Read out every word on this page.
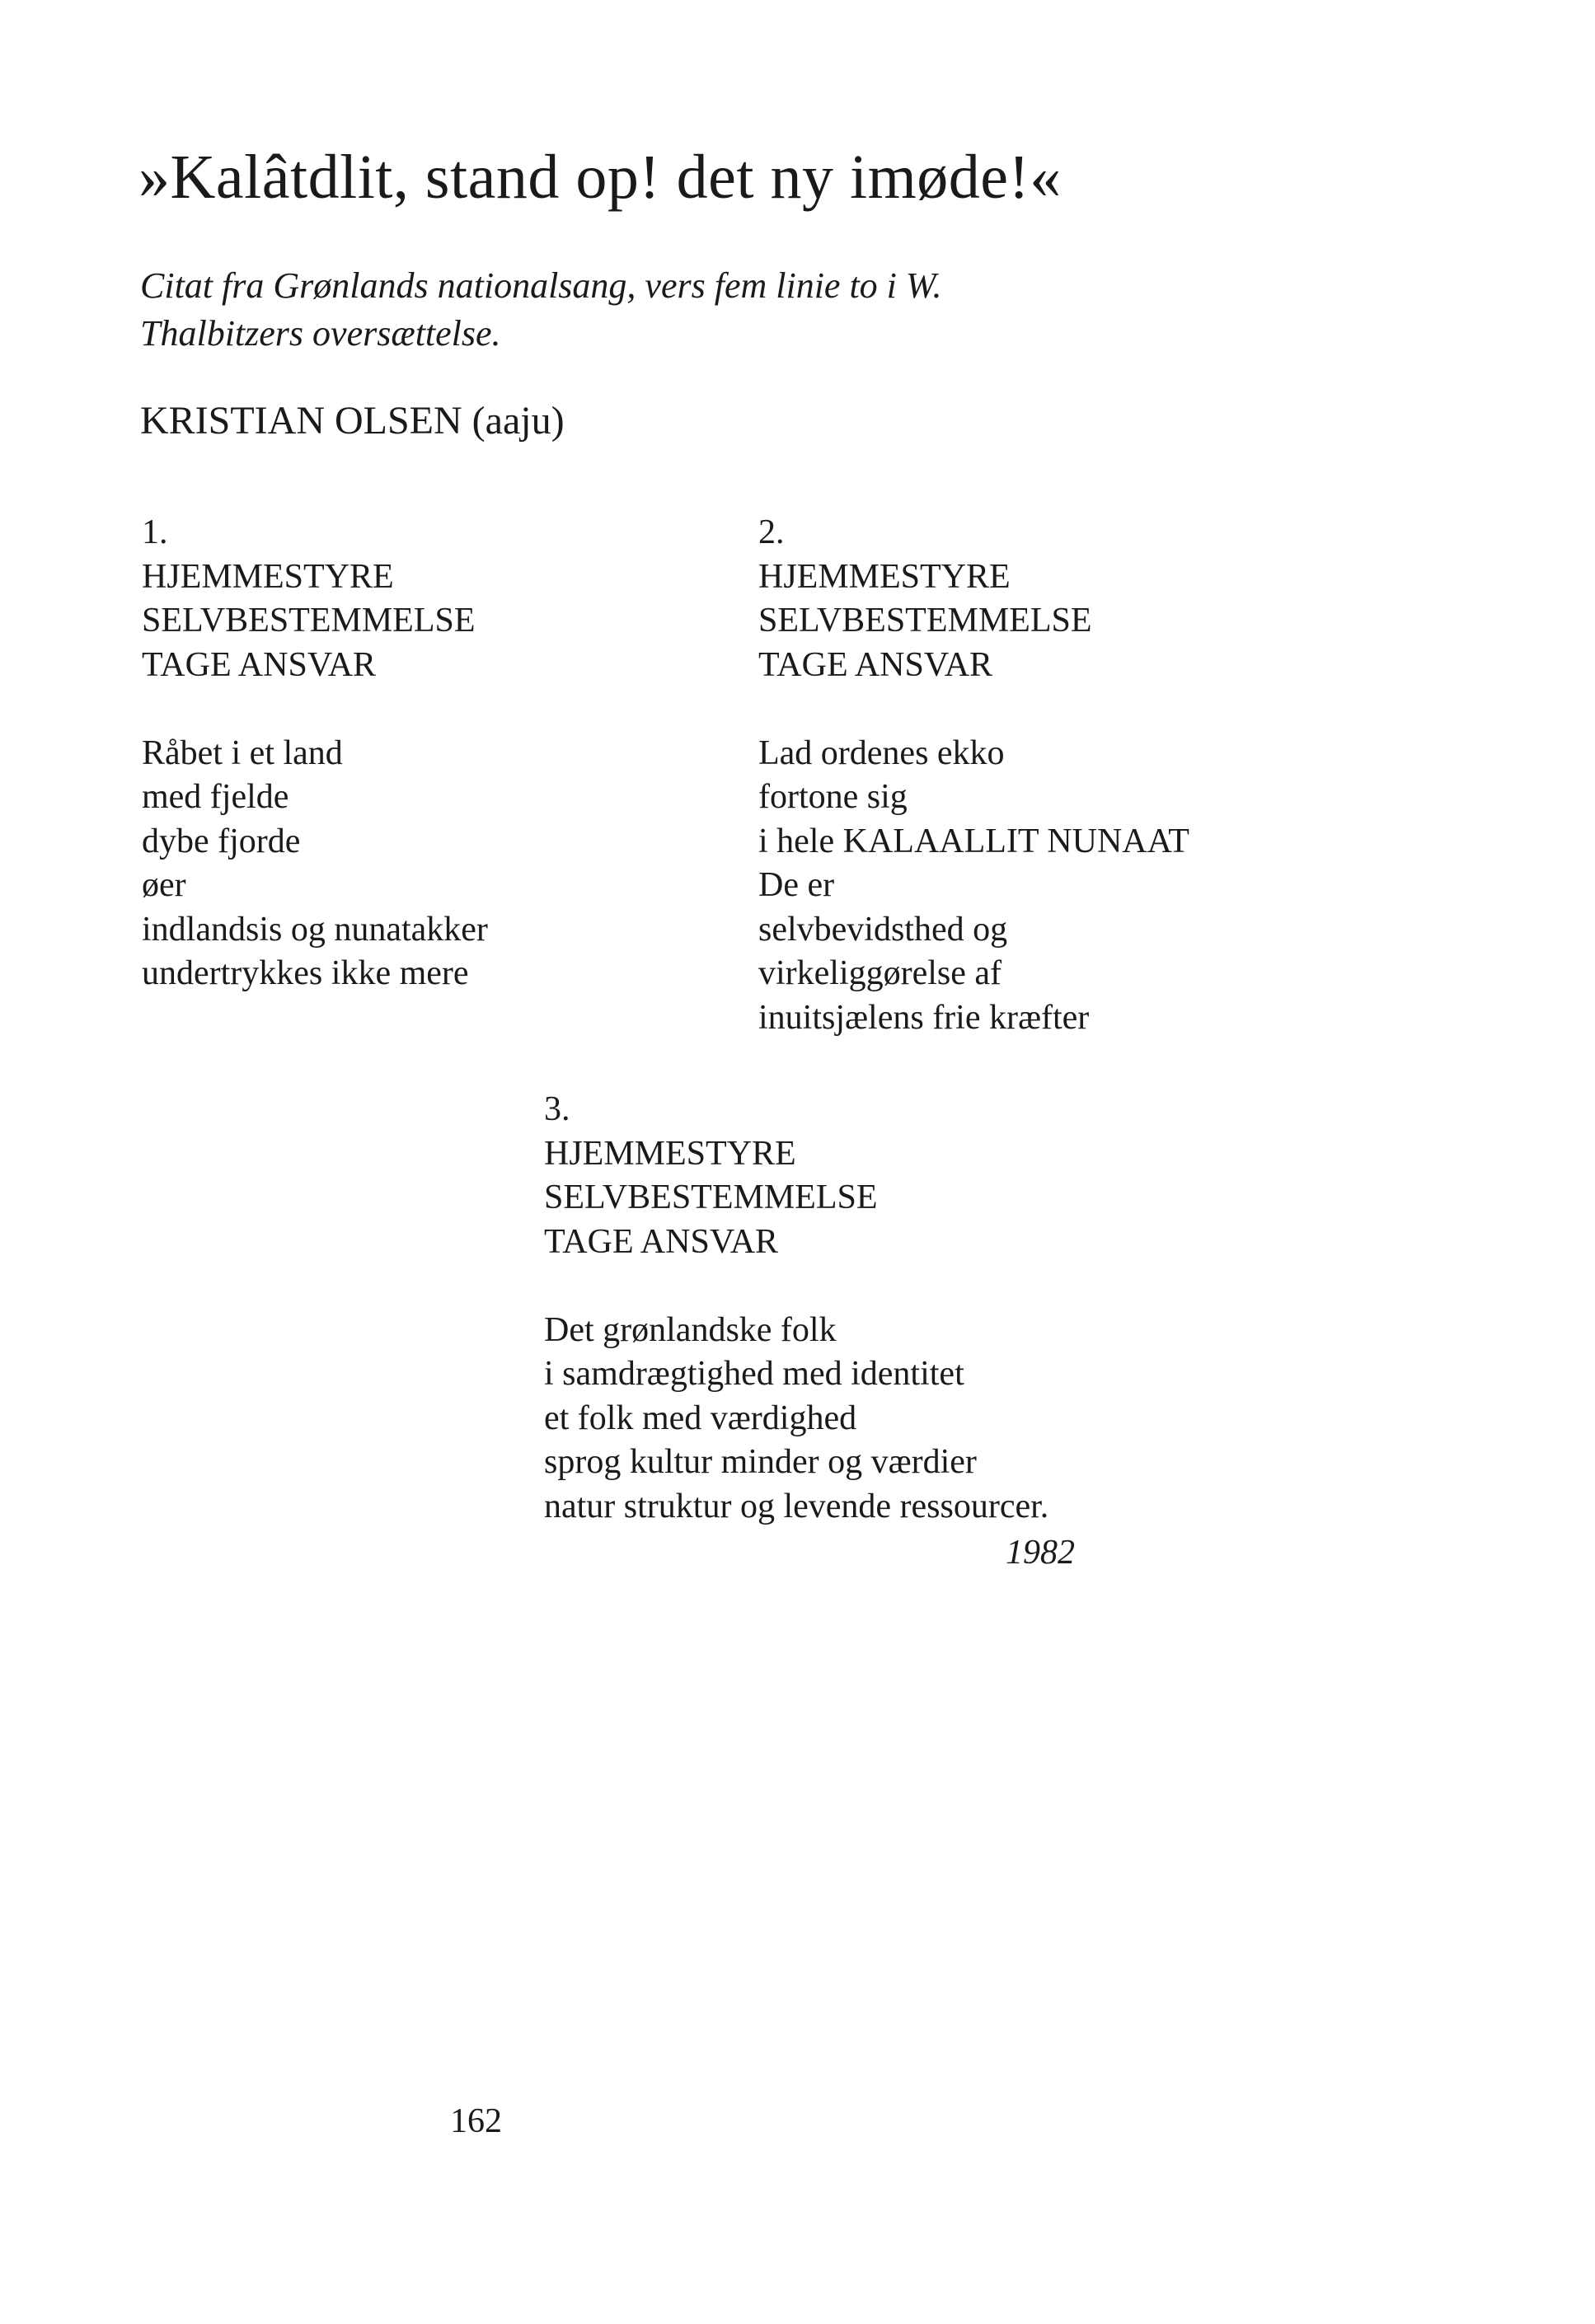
»Kalâtdlit, stand op! det ny imøde!«
Citat fra Grønlands nationalsang, vers fem linie to i W. Thalbitzers oversættelse.
KRISTIAN OLSEN (aaju)
1.
HJEMMESTYRE
SELVBESTEMMELSE
TAGE ANSVAR
Råbet i et land
med fjelde
dybe fjorde
øer
indlandsis og nunatakker
undertrykkes ikke mere
2.
HJEMMESTYRE
SELVBESTEMMELSE
TAGE ANSVAR
Lad ordenes ekko
fortone sig
i hele KALAALLIT NUNAAT
De er
selvbevidsthed og
virkeliggørelse af
inuitsjælens frie kræfter
3.
HJEMMESTYRE
SELVBESTEMMELSE
TAGE ANSVAR
Det grønlandske folk
i samdrægtighed med identitet
et folk med værdighed
sprog kultur minder og værdier
natur struktur og levende ressourcer.
1982
162
